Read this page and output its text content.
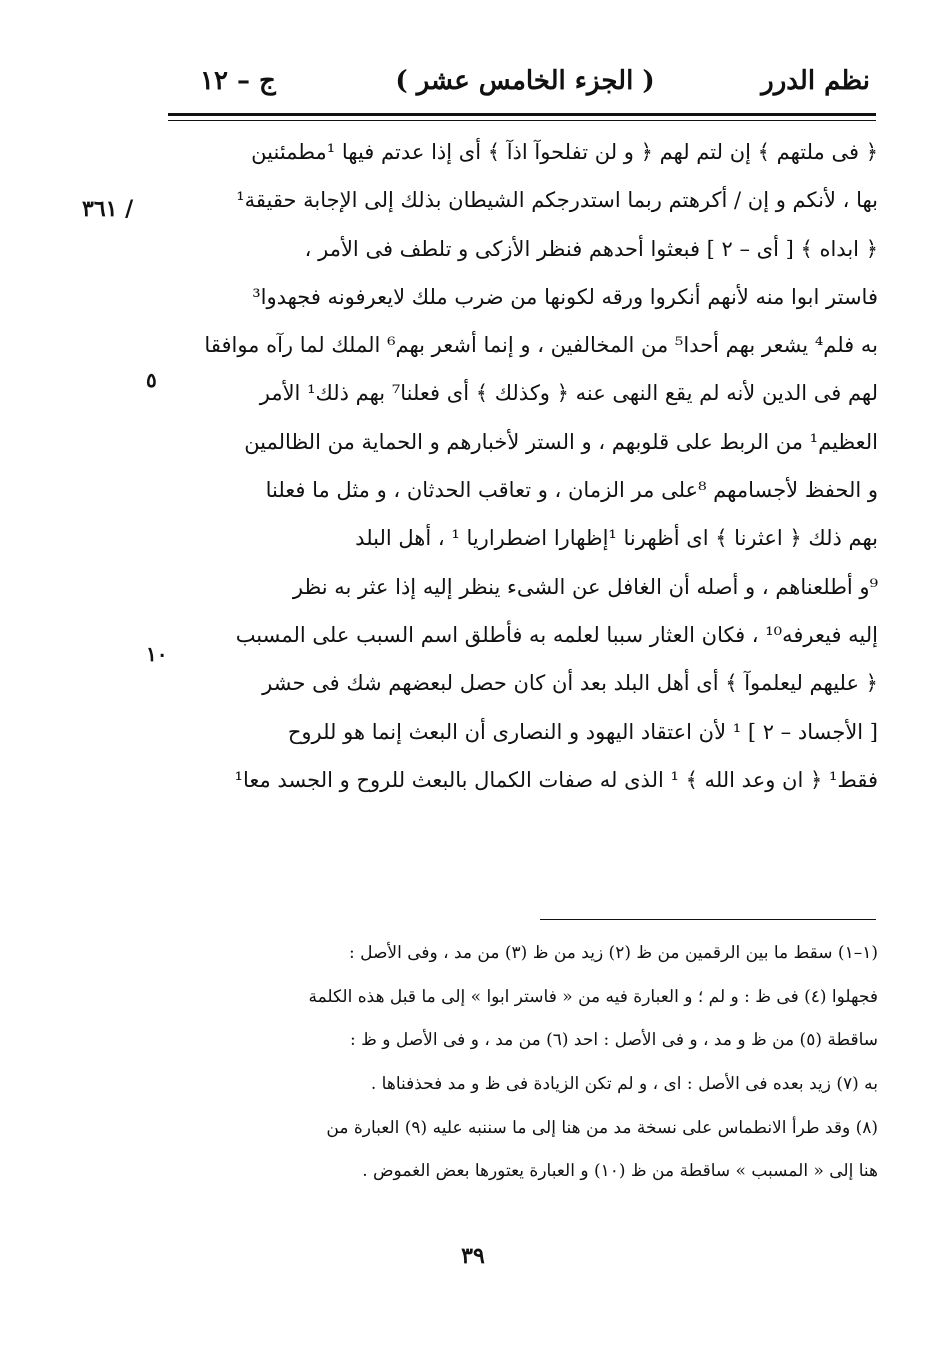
نظم الدرر
( الجزء الخامس عشر )
ج – ١٢
/ ٣٦١
٥
١٠
﴿ فى ملتهم ﴾ إن لتم لهم ﴿ و لن تفلحوآ اذآ ﴾ أى إذا عدتم فيها ¹مطمئنين
بها ، لأنكم و إن / أكرهتم ربما استدرجكم الشيطان بذلك إلى الإجابة حقيقة¹
﴿ ابداه ﴾ [ أى – ٢ ] فبعثوا أحدهم فنظر الأزكى و تلطف فى الأمر ،
فاستر ابوا منه لأنهم أنكروا ورقه لكونها من ضرب ملك لايعرفونه فجهدوا³
به فلم⁴ يشعر بهم أحدا⁵ من المخالفين ، و إنما أشعر بهم⁶ الملك لما رآه موافقا
لهم فى الدين لأنه لم يقع النهى عنه ﴿ وكذلك ﴾ أى فعلنا⁷ بهم ذلك¹ الأمر
العظيم¹ من الربط على قلوبهم ، و الستر لأخبارهم و الحماية من الظالمين
و الحفظ لأجسامهم ⁸على مر الزمان ، و تعاقب الحدثان ، و مثل ما فعلنا
بهم ذلك ﴿ اعثرنا ﴾ اى أظهرنا ¹إظهارا اضطراريا ¹ ، أهل البلد
⁹و أطلعناهم ، و أصله أن الغافل عن الشىء ينظر إليه إذا عثر به نظر
إليه فيعرفه¹⁰ ، فكان العثار سببا لعلمه به فأطلق اسم السبب على المسبب
﴿ عليهم ليعلموآ ﴾ أى أهل البلد بعد أن كان حصل لبعضهم شك فى حشر
[ الأجساد – ٢ ] ¹ لأن اعتقاد اليهود و النصارى أن البعث إنما هو للروح
فقط¹ ﴿ ان وعد الله ﴾ ¹ الذى له صفات الكمال بالبعث للروح و الجسد معا¹
(١–١) سقط ما بين الرقمين من ظ (٢) زيد من ظ (٣) من مد ، وفى الأصل :
فجهلوا (٤) فى ظ : و لم ؛ و العبارة فيه من « فاستر ابوا » إلى ما قبل هذه الكلمة
ساقطة (٥) من ظ و مد ، و فى الأصل : احد (٦) من مد ، و فى الأصل و ظ :
به (٧) زيد بعده فى الأصل : اى ، و لم تكن الزيادة فى ظ و مد فحذفناها .
(٨) وقد طرأ الانطماس على نسخة مد من هنا إلى ما سننبه عليه (٩) العبارة من
هنا إلى « المسبب » ساقطة من ظ (١٠) و العبارة يعتورها بعض الغموض .
٣٩
